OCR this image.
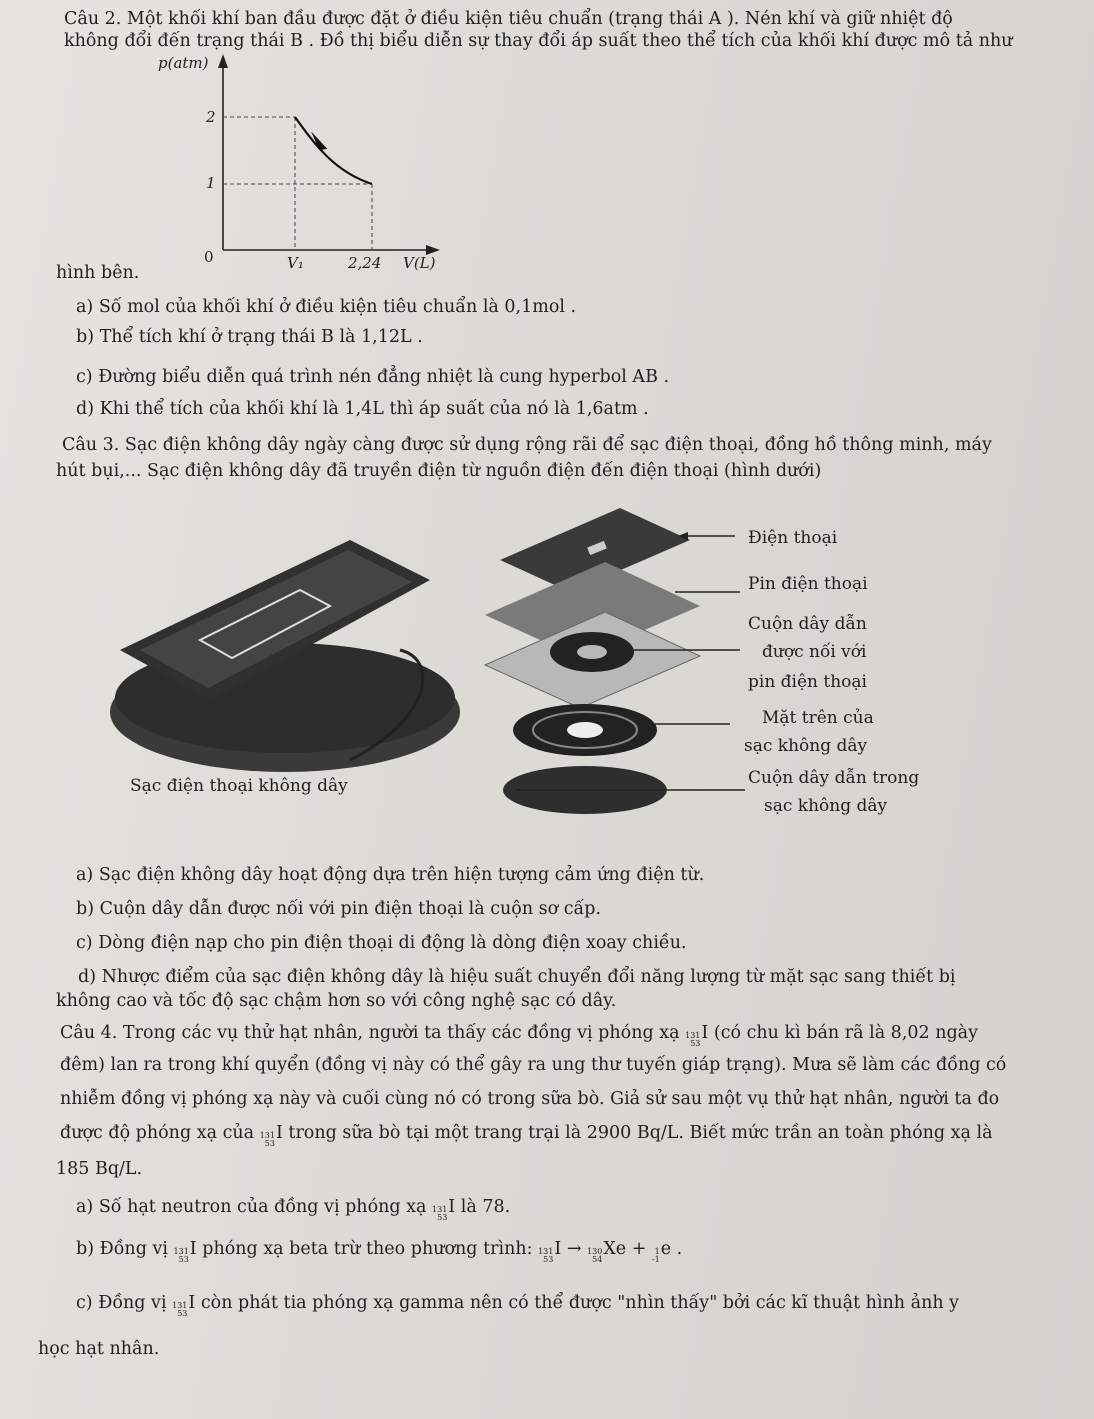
Câu 2. Một khối khí ban đầu được đặt ở điều kiện tiêu chuẩn (trạng thái A ). Nén khí và giữ nhiệt độ
không đổi đến trạng thái B . Đồ thị biểu diễn sự thay đổi áp suất theo thể tích của khối khí được mô tả như
hình bên.
p(atm)
V(L)
0
2
1
V₁	2,24
a) Số mol của khối khí ở điều kiện tiêu chuẩn là 0,1mol .
b) Thể tích khí ở trạng thái B là 1,12L .
c) Đường biểu diễn quá trình nén đẳng nhiệt là cung hyperbol AB .
d) Khi thể tích của khối khí là 1,4L thì áp suất của nó là 1,6atm .
Câu 3. Sạc điện không dây ngày càng được sử dụng rộng rãi để sạc điện thoại, đồng hồ thông minh, máy
hút bụi,... Sạc điện không dây đã truyền điện từ nguồn điện đến điện thoại (hình dưới)
Sạc điện thoại không dây
Điện thoại
Pin điện thoại
Cuộn dây dẫn
được nối với
pin điện thoại
Mặt trên của
sạc không dây
Cuộn dây dẫn trong
sạc không dây
a) Sạc điện không dây hoạt động dựa trên hiện tượng cảm ứng điện từ.
b) Cuộn dây dẫn được nối với pin điện thoại là cuộn sơ cấp.
c) Dòng điện nạp cho pin điện thoại di động là dòng điện xoay chiều.
d) Nhược điểm của sạc điện không dây là hiệu suất chuyển đổi năng lượng từ mặt sạc sang thiết bị
không cao và tốc độ sạc chậm hơn so với công nghệ sạc có dây.
Câu 4. Trong các vụ thử hạt nhân, người ta thấy các đồng vị phóng xạ 131
53
I (có chu kì bán rã là 8,02 ngày
đêm) lan ra trong khí quyển (đồng vị này có thể gây ra ung thư tuyến giáp trạng). Mưa sẽ làm các đồng có
nhiễm đồng vị phóng xạ này và cuối cùng nó có trong sữa bò. Giả sử sau một vụ thử hạt nhân, người ta đo
được độ phóng xạ của 131
53
I trong sữa bò tại một trang trại là 2900 Bq/L. Biết mức trần an toàn phóng xạ là
185 Bq/L.
a) Số hạt neutron của đồng vị phóng xạ 131
53
I là 78.
b) Đồng vị 131
53
I phóng xạ beta trừ theo phương trình: 131
53
I → 130
54
Xe + 1
-1
e .
c) Đồng vị 131
53
I còn phát tia phóng xạ gamma nên có thể được "nhìn thấy" bởi các kĩ thuật hình ảnh y
học hạt nhân.
